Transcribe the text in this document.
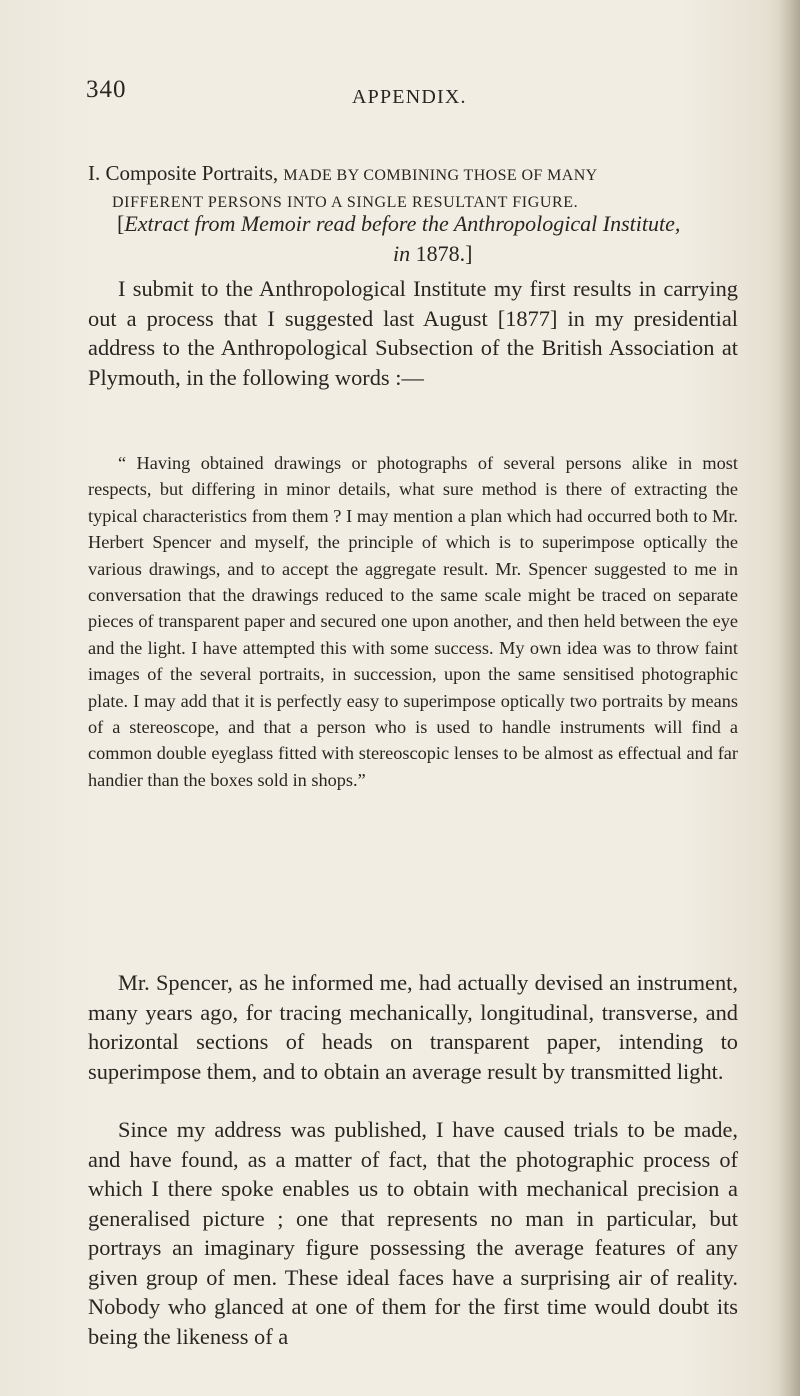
340	APPENDIX.
I. Composite Portraits, MADE BY COMBINING THOSE OF MANY
DIFFERENT PERSONS INTO A SINGLE RESULTANT FIGURE.
[Extract from Memoir read before the Anthropological Institute,
in 1878.]

I submit to the Anthropological Institute my first results in carrying out a process that I suggested last August [1877] in my presidential address to the Anthropological Subsection of the British Association at Plymouth, in the following words :—

“ Having obtained drawings or photographs of several persons alike in most respects, but differing in minor details, what sure method is there of extracting the typical characteristics from them ? I may mention a plan which had occurred both to Mr. Herbert Spencer and myself, the principle of which is to superimpose optically the various drawings, and to accept the aggregate result. Mr. Spencer suggested to me in conversation that the drawings reduced to the same scale might be traced on separate pieces of transparent paper and secured one upon another, and then held between the eye and the light. I have attempted this with some success. My own idea was to throw faint images of the several portraits, in succession, upon the same sensitised photographic plate. I may add that it is perfectly easy to superimpose optically two portraits by means of a stereoscope, and that a person who is used to handle instruments will find a common double eyeglass fitted with stereoscopic lenses to be almost as effectual and far handier than the boxes sold in shops.”

Mr. Spencer, as he informed me, had actually devised an instrument, many years ago, for tracing mechanically, longitudinal, transverse, and horizontal sections of heads on transparent paper, intending to superimpose them, and to obtain an average result by transmitted light.

Since my address was published, I have caused trials to be made, and have found, as a matter of fact, that the photographic process of which I there spoke enables us to obtain with mechanical precision a generalised picture ; one that represents no man in particular, but portrays an imaginary figure possessing the average features of any given group of men. These ideal faces have a surprising air of reality. Nobody who glanced at one of them for the first time would doubt its being the likeness of a
